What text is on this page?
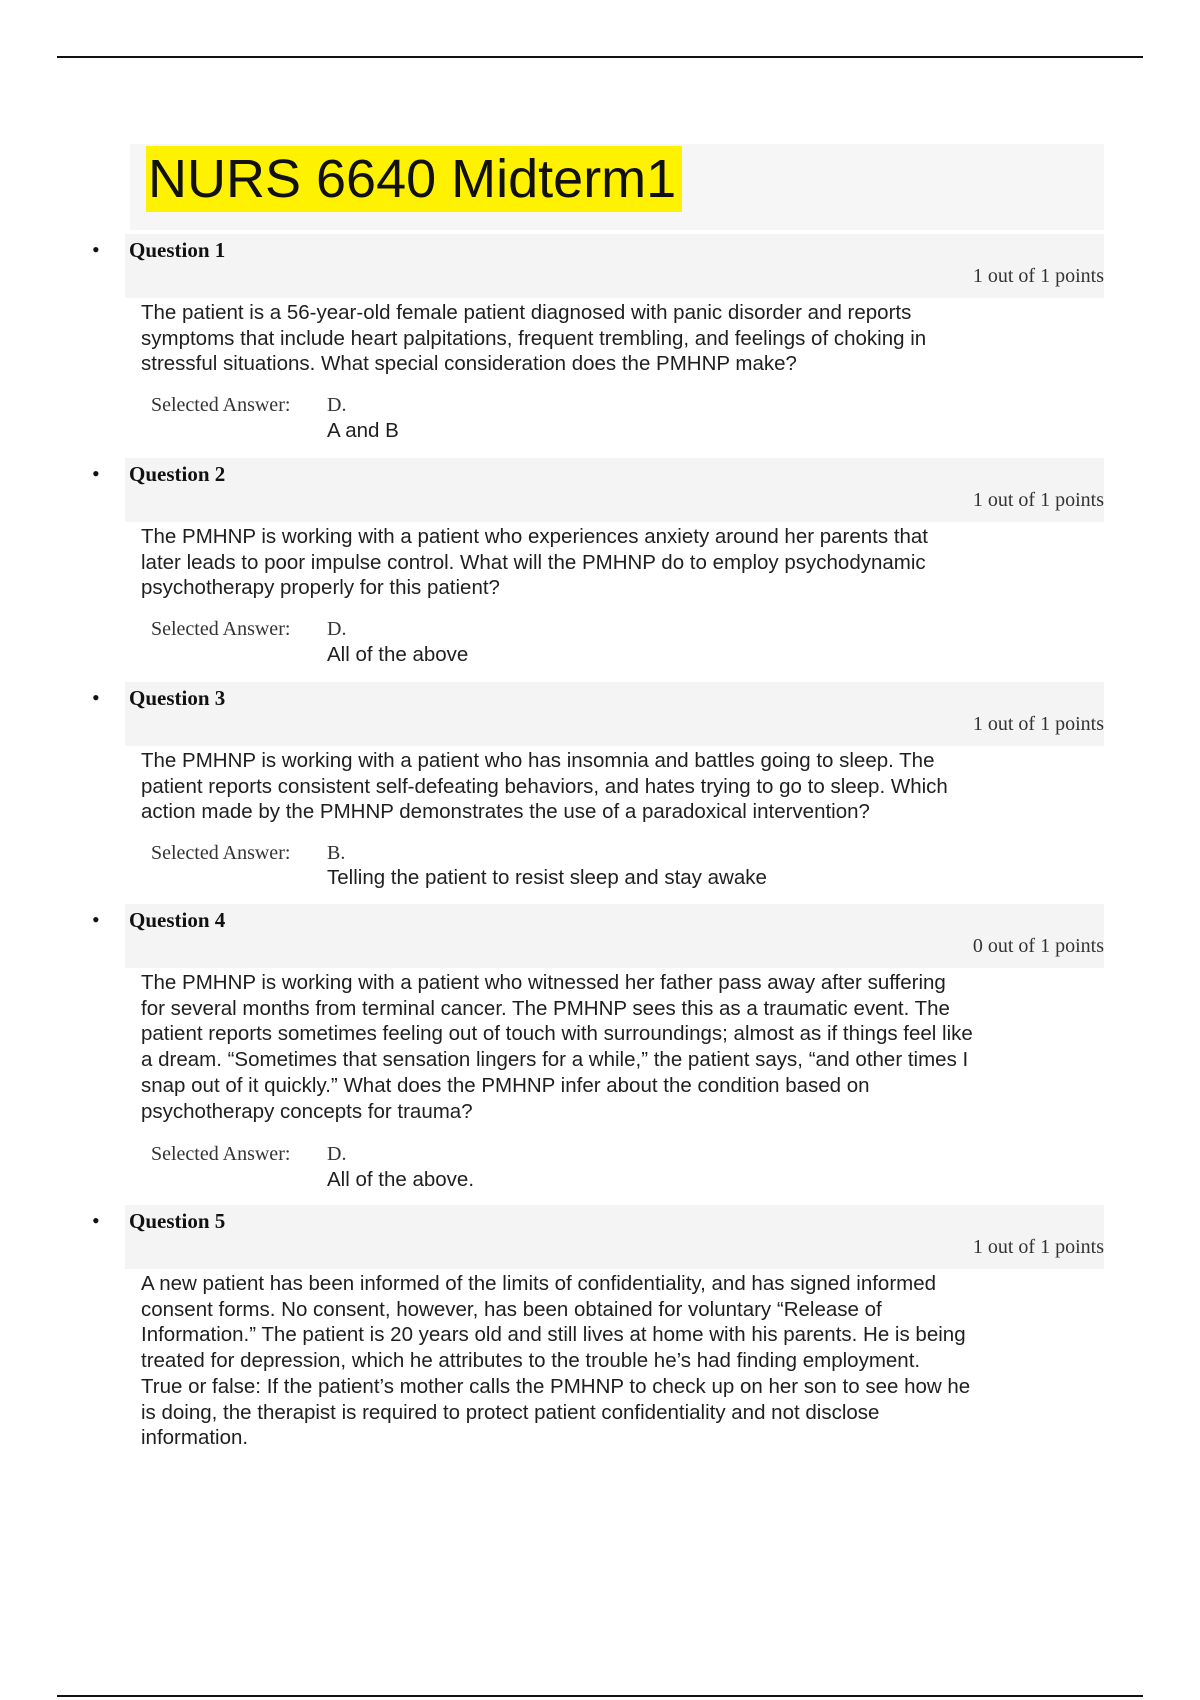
NURS 6640 Midterm1
• Question 1
1 out of 1 points
The patient is a 56-year-old female patient diagnosed with panic disorder and reports
symptoms that include heart palpitations, frequent trembling, and feelings of choking in
stressful situations. What special consideration does the PMHNP make?
Selected Answer: D.
A and B
• Question 2
1 out of 1 points
The PMHNP is working with a patient who experiences anxiety around her parents that
later leads to poor impulse control. What will the PMHNP do to employ psychodynamic
psychotherapy properly for this patient?
Selected Answer: D.
All of the above
• Question 3
1 out of 1 points
The PMHNP is working with a patient who has insomnia and battles going to sleep. The
patient reports consistent self-defeating behaviors, and hates trying to go to sleep. Which
action made by the PMHNP demonstrates the use of a paradoxical intervention?
Selected Answer: B.
Telling the patient to resist sleep and stay awake
• Question 4
0 out of 1 points
The PMHNP is working with a patient who witnessed her father pass away after suffering
for several months from terminal cancer. The PMHNP sees this as a traumatic event. The
patient reports sometimes feeling out of touch with surroundings; almost as if things feel like
a dream. “Sometimes that sensation lingers for a while,” the patient says, “and other times I
snap out of it quickly.” What does the PMHNP infer about the condition based on
psychotherapy concepts for trauma?
Selected Answer: D.
All of the above.
• Question 5
1 out of 1 points
A new patient has been informed of the limits of confidentiality, and has signed informed
consent forms. No consent, however, has been obtained for voluntary “Release of
Information.” The patient is 20 years old and still lives at home with his parents. He is being
treated for depression, which he attributes to the trouble he’s had finding employment.
True or false: If the patient’s mother calls the PMHNP to check up on her son to see how he
is doing, the therapist is required to protect patient confidentiality and not disclose
information.
